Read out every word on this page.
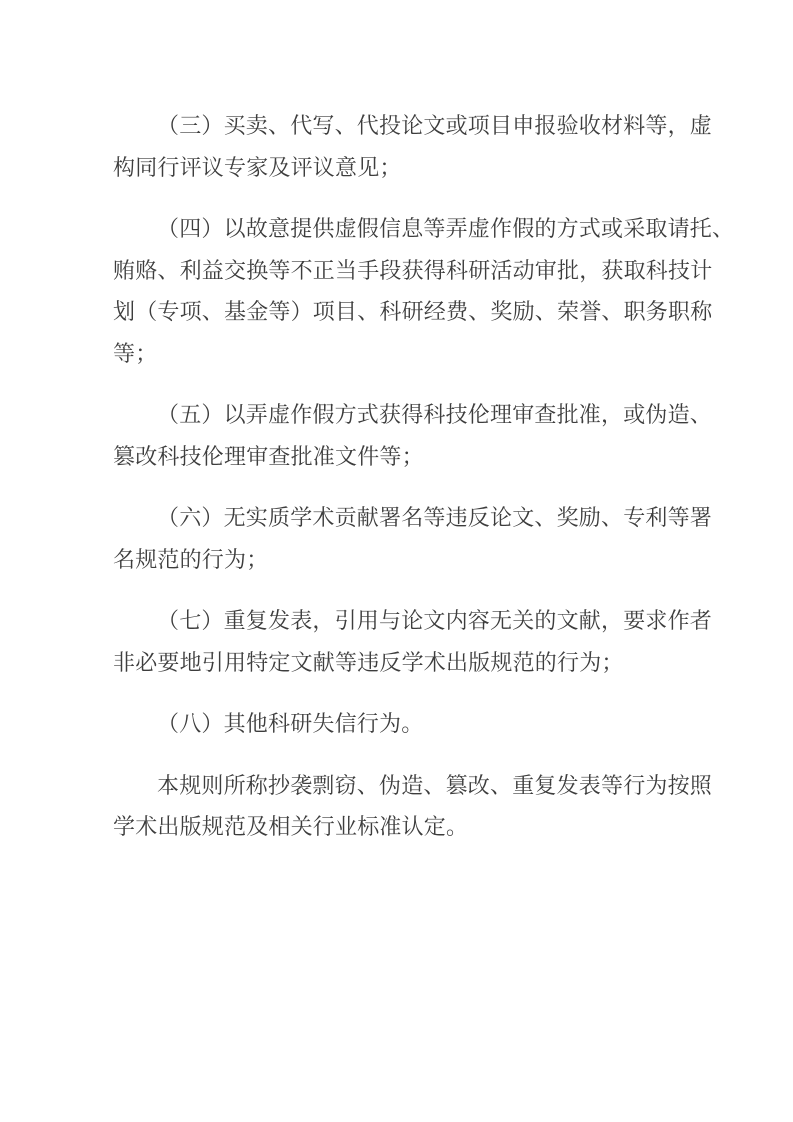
（三）买卖、代写、代投论文或项目申报验收材料等，虚
构同行评议专家及评议意见；
（四）以故意提供虚假信息等弄虚作假的方式或采取请托、
贿赂、利益交换等不正当手段获得科研活动审批，获取科技计
划（专项、基金等）项目、科研经费、奖励、荣誉、职务职称
等；
（五）以弄虚作假方式获得科技伦理审查批准，或伪造、
篡改科技伦理审查批准文件等；
（六）无实质学术贡献署名等违反论文、奖励、专利等署
名规范的行为；
（七）重复发表，引用与论文内容无关的文献，要求作者
非必要地引用特定文献等违反学术出版规范的行为；
（八）其他科研失信行为。
本规则所称抄袭剽窃、伪造、篡改、重复发表等行为按照
学术出版规范及相关行业标准认定。
